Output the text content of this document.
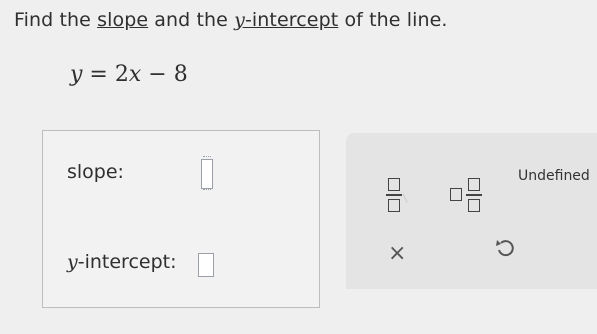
Find the slope and the y-intercept of the line.
y = 2x − 8
slope:
y-intercept:
Undefined
×
